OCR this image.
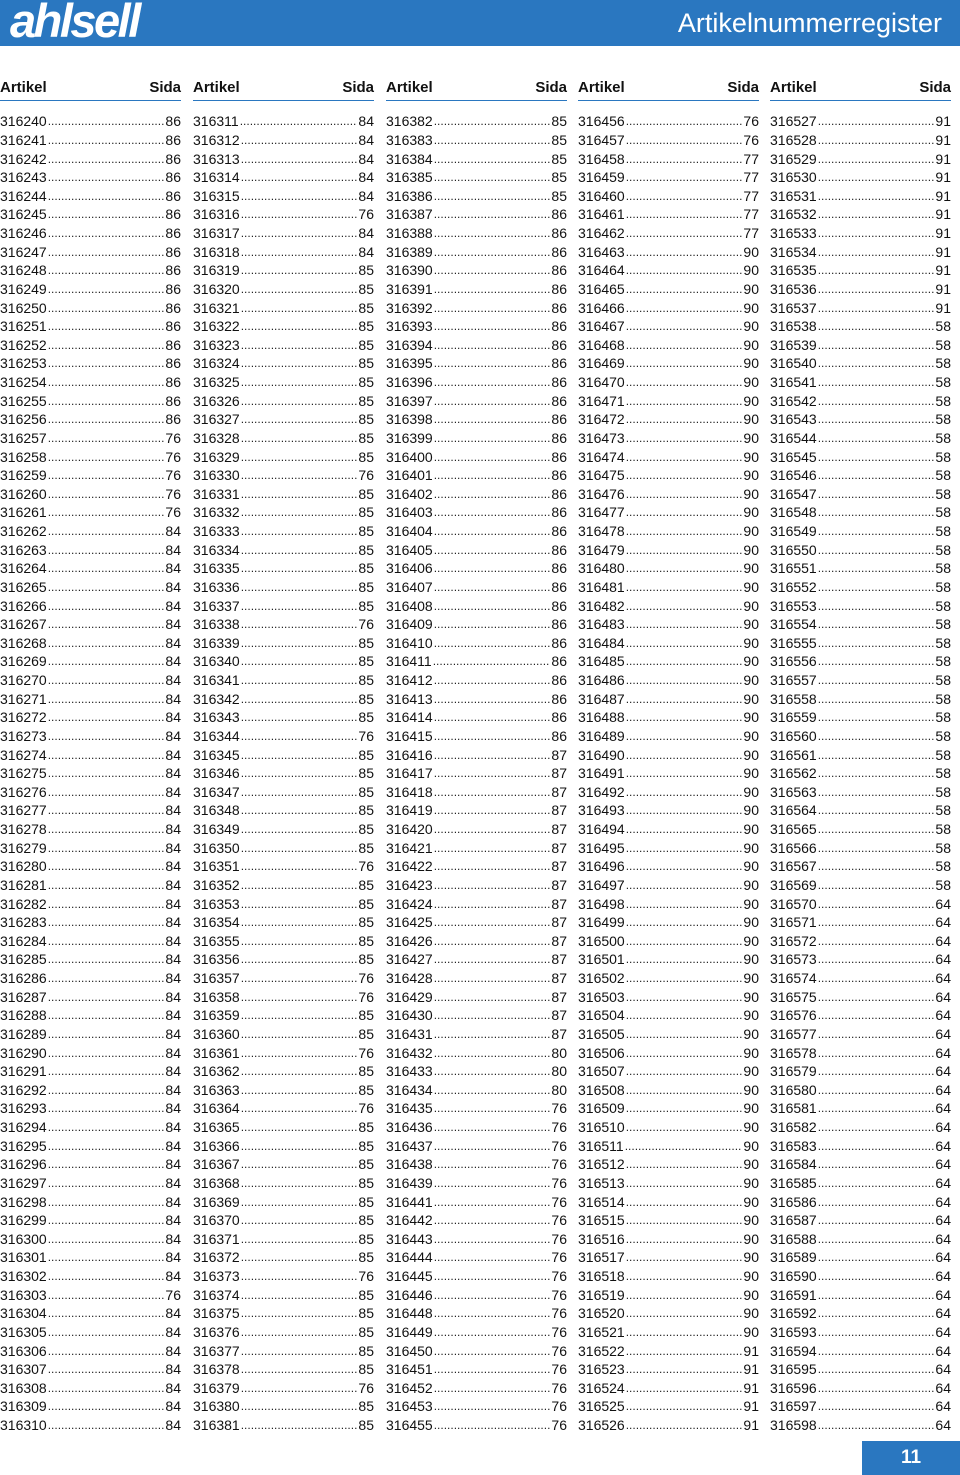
ahlsell	Artikelnummerregister
Artikel	Sida
316240 .....	86
316241 .....	86
316242 .....	86
316243 .....	86
316244 .....	86
316245 .....	86
316246 .....	86
316247 .....	86
316248 .....	86
316249 .....	86
316250 .....	86
316251 .....	86
316252 .....	86
316253 .....	86
316254 .....	86
316255 .....	86
316256 .....	86
316257 .....	76
316258 .....	76
316259 .....	76
316260 .....	76
316261 .....	76
316262 .....	84
316263 .....	84
316264 .....	84
316265 .....	84
316266 .....	84
316267 .....	84
316268 .....	84
316269 .....	84
316270 .....	84
316271 .....	84
316272 .....	84
316273 .....	84
316274 .....	84
316275 .....	84
316276 .....	84
316277 .....	84
316278 .....	84
316279 .....	84
316280 .....	84
316281 .....	84
316282 .....	84
316283 .....	84
316284 .....	84
316285 .....	84
316286 .....	84
316287 .....	84
316288 .....	84
316289 .....	84
316290 .....	84
316291 .....	84
316292 .....	84
316293 .....	84
316294 .....	84
316295 .....	84
316296 .....	84
316297 .....	84
316298 .....	84
316299 .....	84
316300 .....	84
316301 .....	84
316302 .....	84
316303 .....	76
316304 .....	84
316305 .....	84
316306 .....	84
316307 .....	84
316308 .....	84
316309 .....	84
316310 .....	84
Artikel	Sida
316311 .....	84
316312 .....	84
316313 .....	84
316314 .....	84
316315 .....	84
316316 .....	76
316317 .....	84
316318 .....	84
316319 .....	85
316320 .....	85
316321 .....	85
316322 .....	85
316323 .....	85
316324 .....	85
316325 .....	85
316326 .....	85
316327 .....	85
316328 .....	85
316329 .....	85
316330 .....	76
316331 .....	85
316332 .....	85
316333 .....	85
316334 .....	85
316335 .....	85
316336 .....	85
316337 .....	85
316338 .....	76
316339 .....	85
316340 .....	85
316341 .....	85
316342 .....	85
316343 .....	85
316344 .....	76
316345 .....	85
316346 .....	85
316347 .....	85
316348 .....	85
316349 .....	85
316350 .....	85
316351 .....	76
316352 .....	85
316353 .....	85
316354 .....	85
316355 .....	85
316356 .....	85
316357 .....	76
316358 .....	76
316359 .....	85
316360 .....	85
316361 .....	76
316362 .....	85
316363 .....	85
316364 .....	76
316365 .....	85
316366 .....	85
316367 .....	85
316368 .....	85
316369 .....	85
316370 .....	85
316371 .....	85
316372 .....	85
316373 .....	76
316374 .....	85
316375 .....	85
316376 .....	85
316377 .....	85
316378 .....	85
316379 .....	76
316380 .....	85
316381 .....	85
Artikel	Sida
316382 .....	85
316383 .....	85
316384 .....	85
316385 .....	85
316386 .....	85
316387 .....	86
316388 .....	86
316389 .....	86
316390 .....	86
316391 .....	86
316392 .....	86
316393 .....	86
316394 .....	86
316395 .....	86
316396 .....	86
316397 .....	86
316398 .....	86
316399 .....	86
316400 .....	86
316401 .....	86
316402 .....	86
316403 .....	86
316404 .....	86
316405 .....	86
316406 .....	86
316407 .....	86
316408 .....	86
316409 .....	86
316410 .....	86
316411 .....	86
316412 .....	86
316413 .....	86
316414 .....	86
316415 .....	86
316416 .....	87
316417 .....	87
316418 .....	87
316419 .....	87
316420 .....	87
316421 .....	87
316422 .....	87
316423 .....	87
316424 .....	87
316425 .....	87
316426 .....	87
316427 .....	87
316428 .....	87
316429 .....	87
316430 .....	87
316431 .....	87
316432 .....	80
316433 .....	80
316434 .....	80
316435 .....	76
316436 .....	76
316437 .....	76
316438 .....	76
316439 .....	76
316441 .....	76
316442 .....	76
316443 .....	76
316444 .....	76
316445 .....	76
316446 .....	76
316448 .....	76
316449 .....	76
316450 .....	76
316451 .....	76
316452 .....	76
316453 .....	76
316455 .....	76
Artikel	Sida
316456 .....	76
316457 .....	76
316458 .....	77
316459 .....	77
316460 .....	77
316461 .....	77
316462 .....	77
316463 .....	90
316464 .....	90
316465 .....	90
316466 .....	90
316467 .....	90
316468 .....	90
316469 .....	90
316470 .....	90
316471 .....	90
316472 .....	90
316473 .....	90
316474 .....	90
316475 .....	90
316476 .....	90
316477 .....	90
316478 .....	90
316479 .....	90
316480 .....	90
316481 .....	90
316482 .....	90
316483 .....	90
316484 .....	90
316485 .....	90
316486 .....	90
316487 .....	90
316488 .....	90
316489 .....	90
316490 .....	90
316491 .....	90
316492 .....	90
316493 .....	90
316494 .....	90
316495 .....	90
316496 .....	90
316497 .....	90
316498 .....	90
316499 .....	90
316500 .....	90
316501 .....	90
316502 .....	90
316503 .....	90
316504 .....	90
316505 .....	90
316506 .....	90
316507 .....	90
316508 .....	90
316509 .....	90
316510 .....	90
316511 .....	90
316512 .....	90
316513 .....	90
316514 .....	90
316515 .....	90
316516 .....	90
316517 .....	90
316518 .....	90
316519 .....	90
316520 .....	90
316521 .....	90
316522 .....	91
316523 .....	91
316524 .....	91
316525 .....	91
316526 .....	91
Artikel	Sida
316527 .....	91
316528 .....	91
316529 .....	91
316530 .....	91
316531 .....	91
316532 .....	91
316533 .....	91
316534 .....	91
316535 .....	91
316536 .....	91
316537 .....	91
316538 .....	58
316539 .....	58
316540 .....	58
316541 .....	58
316542 .....	58
316543 .....	58
316544 .....	58
316545 .....	58
316546 .....	58
316547 .....	58
316548 .....	58
316549 .....	58
316550 .....	58
316551 .....	58
316552 .....	58
316553 .....	58
316554 .....	58
316555 .....	58
316556 .....	58
316557 .....	58
316558 .....	58
316559 .....	58
316560 .....	58
316561 .....	58
316562 .....	58
316563 .....	58
316564 .....	58
316565 .....	58
316566 .....	58
316567 .....	58
316569 .....	58
316570 .....	64
316571 .....	64
316572 .....	64
316573 .....	64
316574 .....	64
316575 .....	64
316576 .....	64
316577 .....	64
316578 .....	64
316579 .....	64
316580 .....	64
316581 .....	64
316582 .....	64
316583 .....	64
316584 .....	64
316585 .....	64
316586 .....	64
316587 .....	64
316588 .....	64
316589 .....	64
316590 .....	64
316591 .....	64
316592 .....	64
316593 .....	64
316594 .....	64
316595 .....	64
316596 .....	64
316597 .....	64
316598 .....	64
11
